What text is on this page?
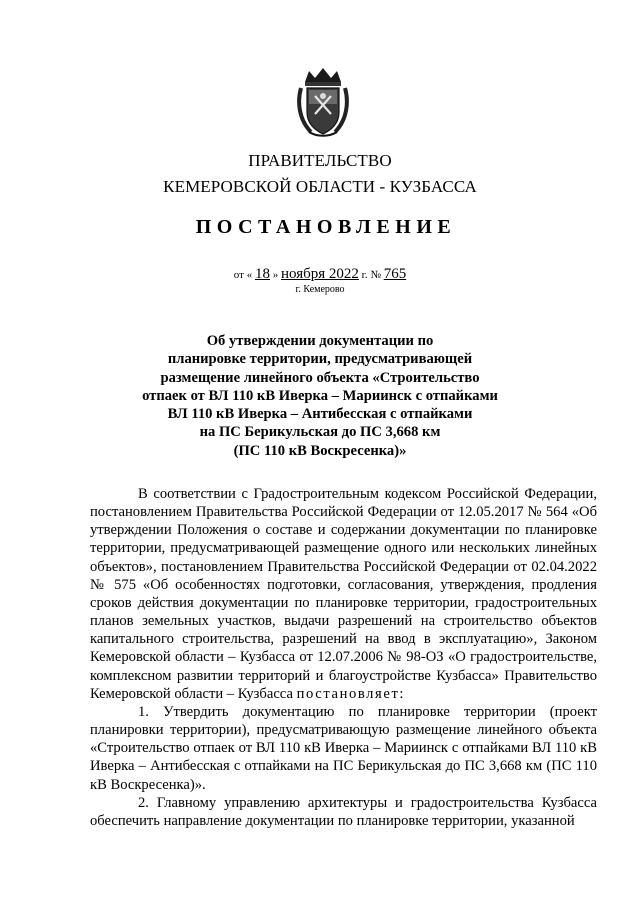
ПРАВИТЕЛЬСТВО
КЕМЕРОВСКОЙ ОБЛАСТИ - КУЗБАССА
ПОСТАНОВЛЕНИЕ
от « 18 » ноября 2022 г. № 765
г. Кемерово
Об утверждении документации по
планировке территории, предусматривающей
размещение линейного объекта «Строительство
отпаек от ВЛ 110 кВ Иверка – Мариинск с отпайками
ВЛ 110 кВ Иверка – Антибесская с отпайками
на ПС Берикульская до ПС 3,668 км
(ПС 110 кВ Воскресенка)»

В соответствии с Градостроительным кодексом Российской Федерации, постановлением Правительства Российской Федерации от 12.05.2017 № 564 «Об утверждении Положения о составе и содержании документации по планировке территории, предусматривающей размещение одного или нескольких линейных объектов», постановлением Правительства Российской Федерации от 02.04.2022 № 575 «Об особенностях подготовки, согласования, утверждения, продления сроков действия документации по планировке территории, градостроительных планов земельных участков, выдачи разрешений на строительство объектов капитального строительства, разрешений на ввод в эксплуатацию», Законом Кемеровской области – Кузбасса от 12.07.2006 № 98-ОЗ «О градостроительстве, комплексном развитии территорий и благоустройстве Кузбасса» Правительство Кемеровской области – Кузбасса постановляет:

1. Утвердить документацию по планировке территории (проект планировки территории), предусматривающую размещение линейного объекта «Строительство отпаек от ВЛ 110 кВ Иверка – Мариинск с отпайками ВЛ 110 кВ Иверка – Антибесская с отпайками на ПС Берикульская до ПС 3,668 км (ПС 110 кВ Воскресенка)».

2. Главному управлению архитектуры и градостроительства Кузбасса обеспечить направление документации по планировке территории, указанной
